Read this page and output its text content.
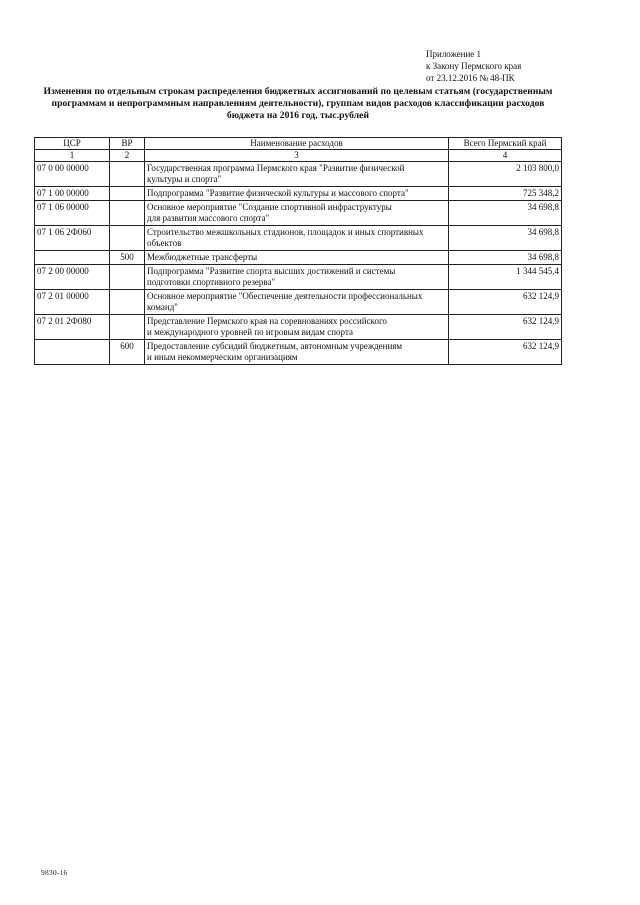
Приложение 1
к Закону Пермского края
от 23.12.2016 № 48-ПК
Изменения по отдельным строкам распределения бюджетных ассигнований по целевым статьям (государственным
программам и непрограммным направлениям деятельности), группам видов расходов классификации расходов
бюджета на 2016 год, тыс.рублей
ЦСР	ВР	Наименование расходов	Всего Пермский край
1	2	3	4
07 0 00 00000		Государственная программа Пермского края "Развитие физической
культуры и спорта"	2 103 800,0
07 1 00 00000		Подпрограмма "Развитие физической культуры и массового спорта"	725 348,2
07 1 06 00000		Основное мероприятие "Создание спортивной инфраструктуры
для развития массового спорта"	34 698,8
07 1 06 2Ф060		Строительство межшкольных стадионов, площадок и иных спортивных
объектов	34 698,8
	500	Межбюджетные трансферты	34 698,8
07 2 00 00000		Подпрограмма "Развитие спорта высших достижений и системы
подготовки спортивного резерва"	1 344 545,4
07 2 01 00000		Основное мероприятие "Обеспечение деятельности профессиональных
команд"	632 124,9
07 2 01 2Ф080		Представление Пермского края на соревнованиях российского
и международного уровней по игровым видам спорта	632 124,9
	600	Предоставление субсидий бюджетным, автономным учреждениям
и иным некоммерческим организациям	632 124,9
9830-16
